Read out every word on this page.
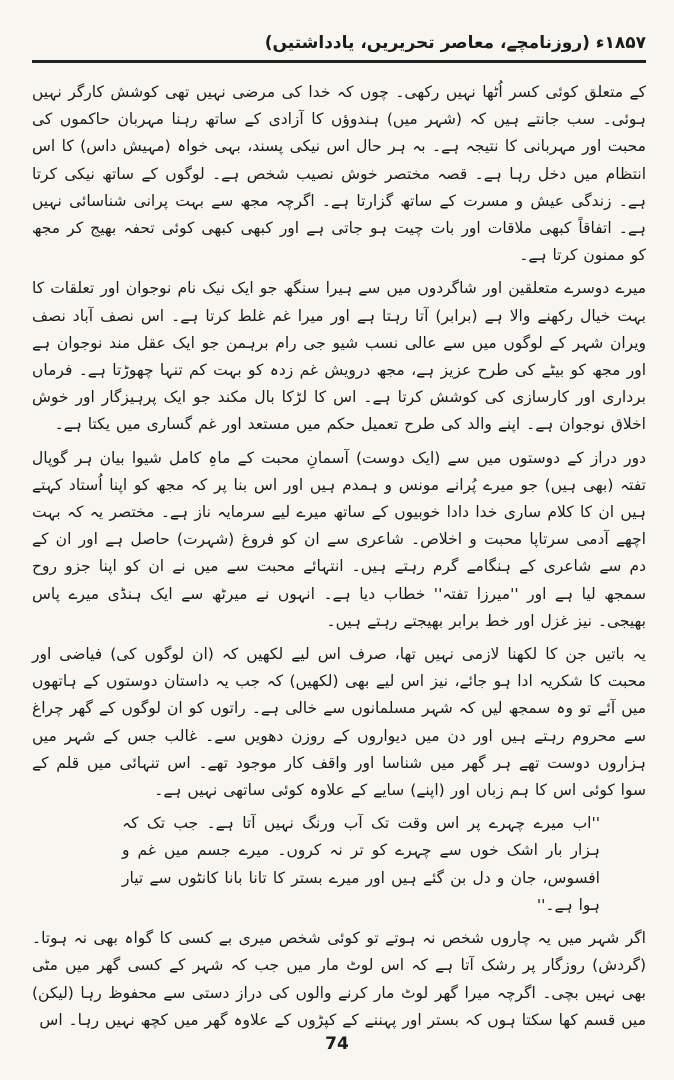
۱۸۵۷ء (روزنامچے، معاصر تحریریں، یادداشتیں)

کے متعلق کوئی کسر اُٹھا نہیں رکھی۔ چوں کہ خدا کی مرضی نہیں تھی کوشش کارگر نہیں ہوئی۔ سب جانتے ہیں کہ (شہر میں) ہندوؤں کا آزادی کے ساتھ رہنا مہربان حاکموں کی محبت اور مہربانی کا نتیجہ ہے۔ بہ ہر حال اس نیکی پسند، بہی خواہ (مہیش داس) کا اس انتظام میں دخل رہا ہے۔ قصہ مختصر خوش نصیب شخص ہے۔ لوگوں کے ساتھ نیکی کرتا ہے۔ زندگی عیش و مسرت کے ساتھ گزارتا ہے۔ اگرچہ مجھ سے بہت پرانی شناسائی نہیں ہے۔ اتفاقاً کبھی ملاقات اور بات چیت ہو جاتی ہے اور کبھی کبھی کوئی تحفہ بھیج کر مجھ کو ممنون کرتا ہے۔

میرے دوسرے متعلقین اور شاگردوں میں سے ہیرا سنگھ جو ایک نیک نام نوجوان اور تعلقات کا بہت خیال رکھنے والا ہے (برابر) آتا رہتا ہے اور میرا غم غلط کرتا ہے۔ اس نصف آباد نصف ویران شہر کے لوگوں میں سے عالی نسب شیو جی رام برہمن جو ایک عقل مند نوجوان ہے اور مجھ کو بیٹے کی طرح عزیز ہے، مجھ درویش غم زدہ کو بہت کم تنہا چھوڑتا ہے۔ فرماں برداری اور کارسازی کی کوشش کرتا ہے۔ اس کا لڑکا بال مکند جو ایک پرہیزگار اور خوش اخلاق نوجوان ہے۔ اپنے والد کی طرح تعمیل حکم میں مستعد اور غم گساری میں یکتا ہے۔

دور دراز کے دوستوں میں سے (ایک دوست) آسمانِ محبت کے ماہِ کامل شیوا بیان ہر گوپال تفتہ (بھی ہیں) جو میرے پُرانے مونس و ہمدم ہیں اور اس بنا پر کہ مجھ کو اپنا اُستاد کہتے ہیں ان کا کلام ساری خدا دادا خوبیوں کے ساتھ میرے لیے سرمایہ ناز ہے۔ مختصر یہ کہ بہت اچھے آدمی سرتاپا محبت و اخلاص۔ شاعری سے ان کو فروغ (شہرت) حاصل ہے اور ان کے دم سے شاعری کے ہنگامے گرم رہتے ہیں۔ انتہائے محبت سے میں نے ان کو اپنا جزو روح سمجھ لیا ہے اور ''میرزا تفتہ'' خطاب دیا ہے۔ انہوں نے میرٹھ سے ایک ہنڈی میرے پاس بھیجی۔ نیز غزل اور خط برابر بھیجتے رہتے ہیں۔

یہ باتیں جن کا لکھنا لازمی نہیں تھا، صرف اس لیے لکھیں کہ (ان لوگوں کی) فیاضی اور محبت کا شکریہ ادا ہو جائے، نیز اس لیے بھی (لکھیں) کہ جب یہ داستان دوستوں کے ہاتھوں میں آئے تو وہ سمجھ لیں کہ شہر مسلمانوں سے خالی ہے۔ راتوں کو ان لوگوں کے گھر چراغ سے محروم رہتے ہیں اور دن میں دیواروں کے روزن دھویں سے۔ غالب جس کے شہر میں ہزاروں دوست تھے ہر گھر میں شناسا اور واقف کار موجود تھے۔ اس تنہائی میں قلم کے سوا کوئی اس کا ہم زباں اور (اپنے) سایے کے علاوہ کوئی ساتھی نہیں ہے۔

''اب میرے چہرے پر اس وقت تک آب ورنگ نہیں آتا ہے۔ جب تک کہ ہزار بار اشک خوں سے چہرے کو تر نہ کروں۔ میرے جسم میں غم و افسوس، جان و دل بن گئے ہیں اور میرے بستر کا تانا بانا کانٹوں سے تیار ہوا ہے۔''

اگر شہر میں یہ چاروں شخص نہ ہوتے تو کوئی شخص میری بے کسی کا گواہ بھی نہ ہوتا۔ (گردش) روزگار پر رشک آتا ہے کہ اس لوٹ مار میں جب کہ شہر کے کسی گھر میں مٹی بھی نہیں بچی۔ اگرچہ میرا گھر لوٹ مار کرنے والوں کی دراز دستی سے محفوظ رہا (لیکن) میں قسم کھا سکتا ہوں کہ بستر اور پہننے کے کپڑوں کے علاوہ گھر میں کچھ نہیں رہا۔ اس

74
